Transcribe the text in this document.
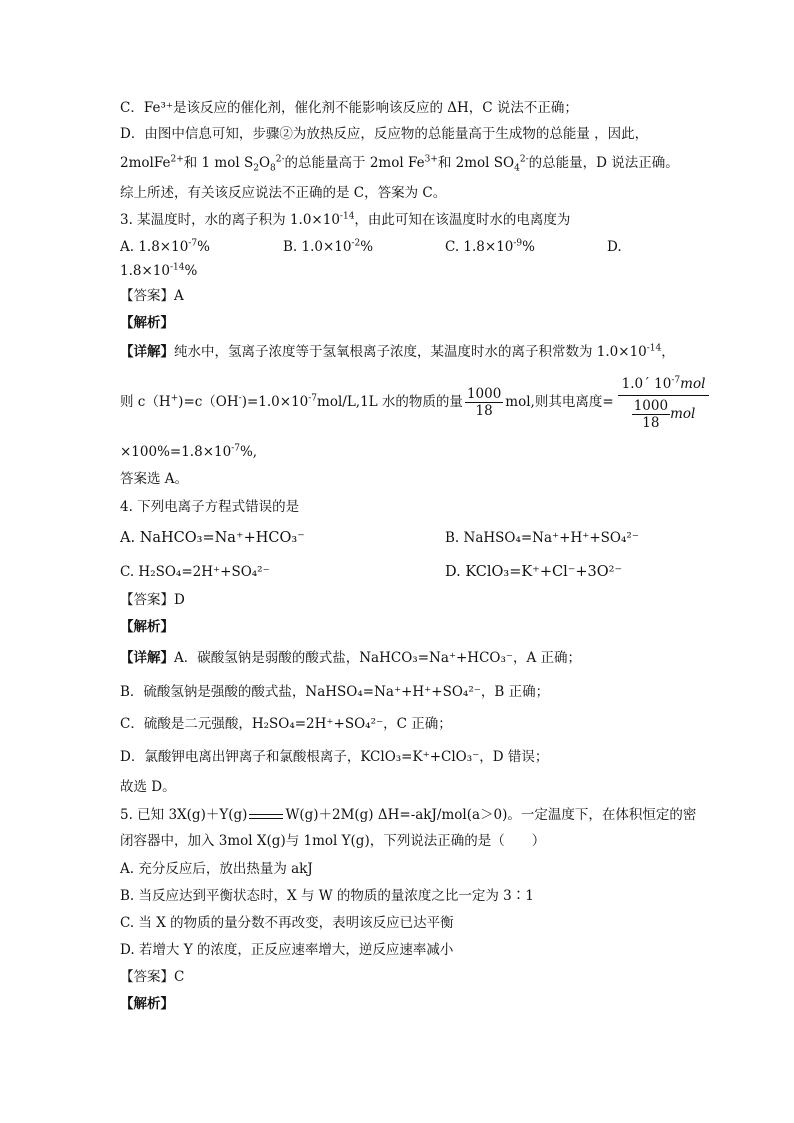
C．Fe³⁺是该反应的催化剂，催化剂不能影响该反应的 ΔH，C 说法不正确；
D．由图中信息可知，步骤②为放热反应，反应物的总能量高于生成物的总能量 ，因此，
2molFe$^{2+}$和 1 mol $S_2O_8^{2-}$的总能量高于 2mol $Fe^{3+}$和 2mol $SO_4^{2-}$的总能量，D 说法正确。
综上所述，有关该反应说法不正确的是 C，答案为 C。
3. 某温度时，水的离子积为 $1.0\times 10^{-14}$，由此可知在该温度时水的电离度为
A. $1.8\times 10^{-7}\%$	B. $1.0\times 10^{-2}\%$	C. $1.8\times 10^{-9}\%$	D.
$1.8\times 10^{-14}\%$
【答案】A
【解析】
【详解】纯水中，氢离子浓度等于氢氧根离子浓度，某温度时水的离子积常数为 $1.0\times 10^{-14}$，
则 $c(H^+)=c(OH^-)=1.0\times 10^{-7}mol/L,1L$ 水的物质的量 $\frac{1000}{18}$ mol,则其电离度= $\frac{1.0´ 10^{-7}mol}{\frac{1000}{18} mol}$
$\times 100\%=1.8\times 10^{-7}\%$,
答案选 A。
4. 下列电离子方程式错误的是
A. NaHCO₃=Na⁺+HCO₃⁻	B. NaHSO₄=Na⁺+H⁺+SO₄²⁻
C. H₂SO₄=2H⁺+SO₄²⁻	D. KClO₃=K⁺+Cl⁻+3O²⁻
【答案】D
【解析】
【详解】A．碳酸氢钠是弱酸的酸式盐，NaHCO₃=Na⁺+HCO₃⁻，A 正确；
B．硫酸氢钠是强酸的酸式盐，NaHSO₄=Na⁺+H⁺+SO₄²⁻，B 正确；
C．硫酸是二元强酸，H₂SO₄=2H⁺+SO₄²⁻，C 正确；
D．氯酸钾电离出钾离子和氯酸根离子，KClO₃=K⁺+ClO₃⁻，D 错误；
故选 D。
5. 已知 3X(g)＋Y(g)	W(g)＋2M(g) ΔH=-akJ/mol(a＞0)。一定温度下，在体积恒定的密
闭容器中，加入 3mol X(g)与 1mol Y(g)，下列说法正确的是（　　）
A. 充分反应后，放出热量为 akJ
B. 当反应达到平衡状态时，X 与 W 的物质的量浓度之比一定为 3∶1
C. 当 X 的物质的量分数不再改变，表明该反应已达平衡
D. 若增大 Y 的浓度，正反应速率增大，逆反应速率减小
【答案】C
【解析】
